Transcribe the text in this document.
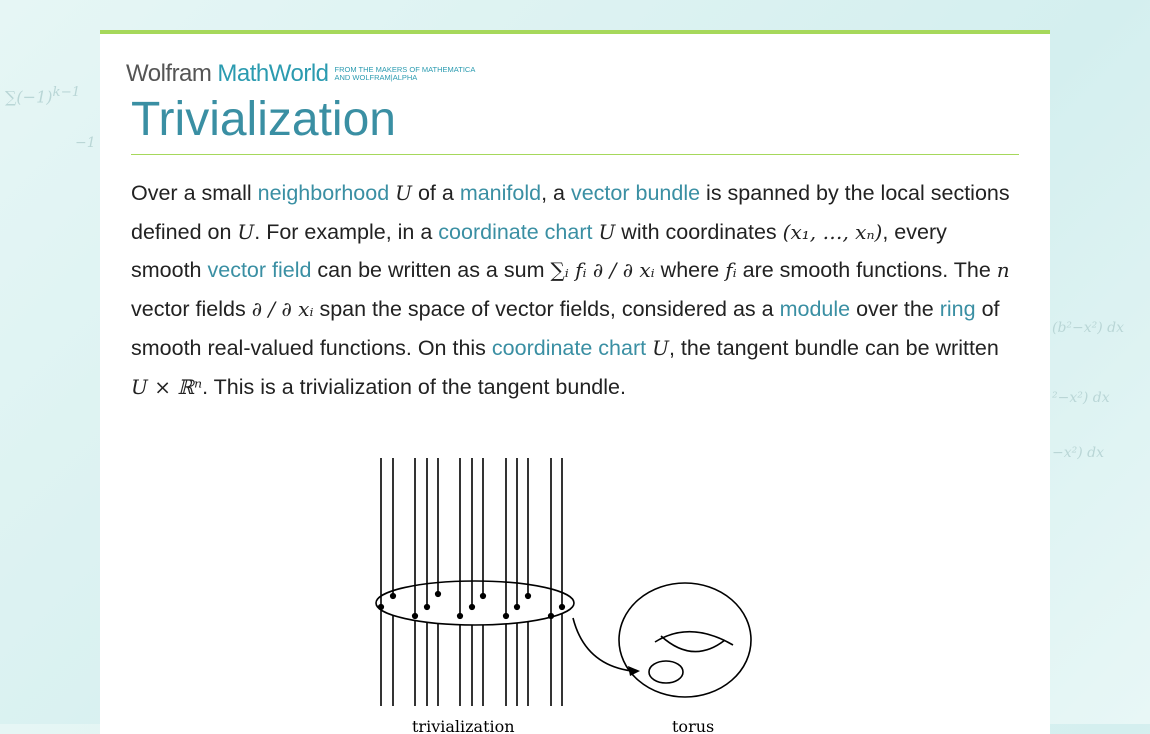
$\sum(-1)^{k-1}$
−1
(b²−x²) dx
²−x²) dx
−x²) dx
Wolfram MathWorld FROM THE MAKERS OF MATHEMATICA
AND WOLFRAM|ALPHA
Trivialization
Over a small neighborhood U of a manifold, a vector bundle is spanned by the local sections defined on U. For example, in a coordinate chart U with coordinates (x₁, …, xₙ), every smooth vector field can be written as a sum ∑ᵢ fᵢ ∂ / ∂ xᵢ where fᵢ are smooth functions. The n vector fields ∂ / ∂ xᵢ span the space of vector fields, considered as a module over the ring of smooth real-valued functions. On this coordinate chart U, the tangent bundle can be written U × ℝⁿ. This is a trivialization of the tangent bundle.
trivialization	torus
